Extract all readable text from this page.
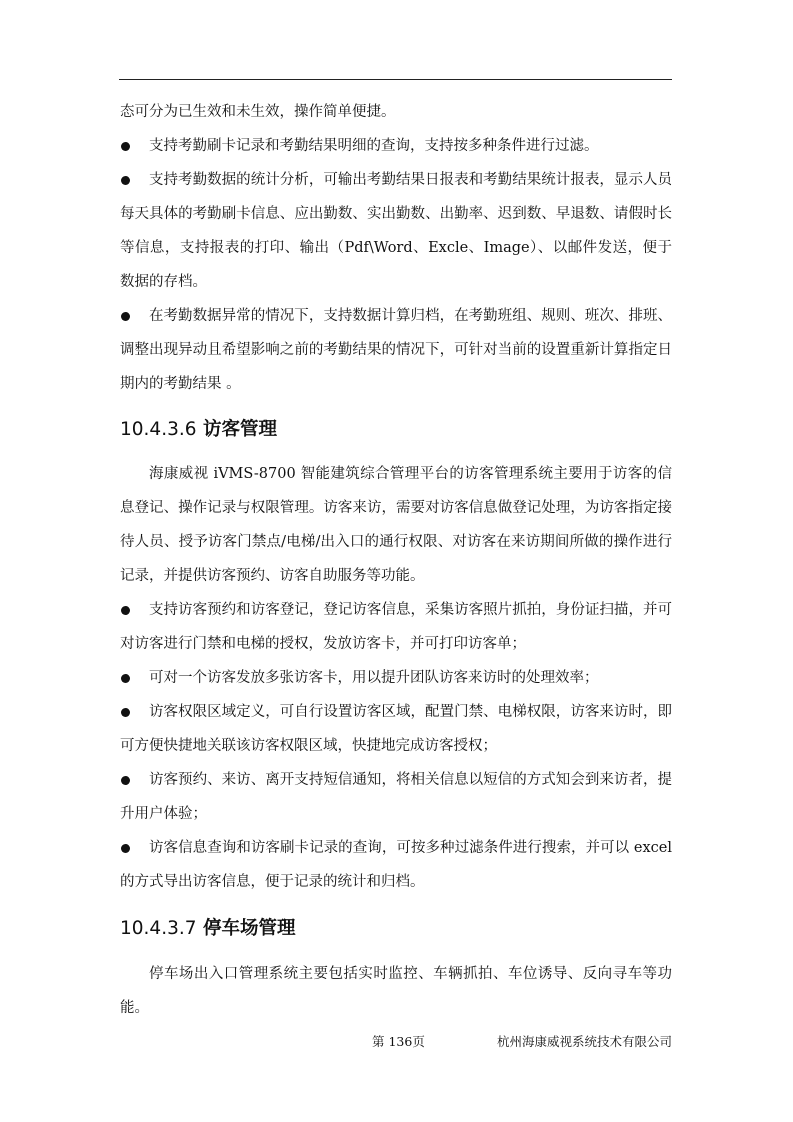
态可分为已生效和未生效，操作简单便捷。

支持考勤刷卡记录和考勤结果明细的查询，支持按多种条件进行过滤。
支持考勤数据的统计分析，可输出考勤结果日报表和考勤结果统计报表，显示人员每天具体的考勤刷卡信息、应出勤数、实出勤数、出勤率、迟到数、早退数、请假时长等信息，支持报表的打印、输出（Pdf\Word、Excle、Image）、以邮件发送，便于数据的存档。
在考勤数据异常的情况下，支持数据计算归档，在考勤班组、规则、班次、排班、调整出现异动且希望影响之前的考勤结果的情况下，可针对当前的设置重新计算指定日期内的考勤结果 。
10.4.3.6 访客管理

海康威视 iVMS-8700 智能建筑综合管理平台的访客管理系统主要用于访客的信息登记、操作记录与权限管理。访客来访，需要对访客信息做登记处理，为访客指定接待人员、授予访客门禁点/电梯/出入口的通行权限、对访客在来访期间所做的操作进行记录，并提供访客预约、访客自助服务等功能。

支持访客预约和访客登记，登记访客信息，采集访客照片抓拍，身份证扫描，并可对访客进行门禁和电梯的授权，发放访客卡，并可打印访客单；
可对一个访客发放多张访客卡，用以提升团队访客来访时的处理效率；
访客权限区域定义，可自行设置访客区域，配置门禁、电梯权限，访客来访时，即可方便快捷地关联该访客权限区域，快捷地完成访客授权；
访客预约、来访、离开支持短信通知，将相关信息以短信的方式知会到来访者，提升用户体验；
访客信息查询和访客刷卡记录的查询，可按多种过滤条件进行搜索，并可以 excel 的方式导出访客信息，便于记录的统计和归档。
10.4.3.7 停车场管理

停车场出入口管理系统主要包括实时监控、车辆抓拍、车位诱导、反向寻车等功能。

第 136页	杭州海康威视系统技术有限公司
